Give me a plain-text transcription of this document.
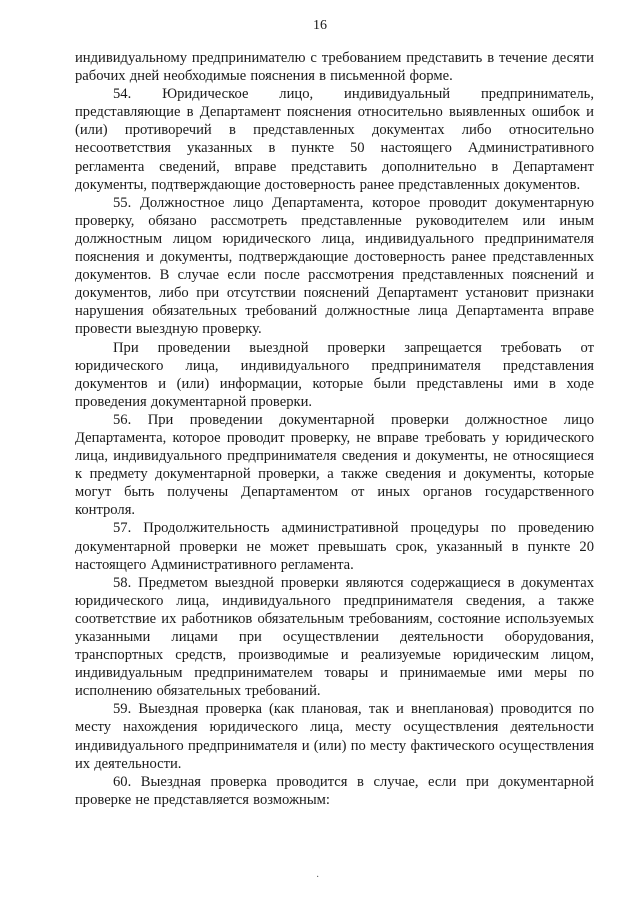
16

индивидуальному предпринимателю с требованием представить в течение десяти рабочих дней необходимые пояснения в письменной форме.

54. Юридическое лицо, индивидуальный предприниматель, представляющие в Департамент пояснения относительно выявленных ошибок и (или) противоречий в представленных документах либо относительно несоответствия указанных в пункте 50 настоящего Административного регламента сведений, вправе представить дополнительно в Департамент документы, подтверждающие достоверность ранее представленных документов.

55. Должностное лицо Департамента, которое проводит документарную проверку, обязано рассмотреть представленные руководителем или иным должностным лицом юридического лица, индивидуального предпринимателя пояснения и документы, подтверждающие достоверность ранее представленных документов. В случае если после рассмотрения представленных пояснений и документов, либо при отсутствии пояснений Департамент установит признаки нарушения обязательных требований должностные лица Департамента вправе провести выездную проверку.

При проведении выездной проверки запрещается требовать от юридического лица, индивидуального предпринимателя представления документов и (или) информации, которые были представлены ими в ходе проведения документарной проверки.

56. При проведении документарной проверки должностное лицо Департамента, которое проводит проверку, не вправе требовать у юридического лица, индивидуального предпринимателя сведения и документы, не относящиеся к предмету документарной проверки, а также сведения и документы, которые могут быть получены Департаментом от иных органов государственного контроля.

57. Продолжительность административной процедуры по проведению документарной проверки не может превышать срок, указанный в пункте 20 настоящего Административного регламента.

58. Предметом выездной проверки являются содержащиеся в документах юридического лица, индивидуального предпринимателя сведения, а также соответствие их работников обязательным требованиям, состояние используемых указанными лицами при осуществлении деятельности оборудования, транспортных средств, производимые и реализуемые юридическим лицом, индивидуальным предпринимателем товары и принимаемые ими меры по исполнению обязательных требований.

59. Выездная проверка (как плановая, так и внеплановая) проводится по месту нахождения юридического лица, месту осуществления деятельности индивидуального предпринимателя и (или) по месту фактического осуществления их деятельности.

60. Выездная проверка проводится в случае, если при документарной проверке не представляется возможным:

·
